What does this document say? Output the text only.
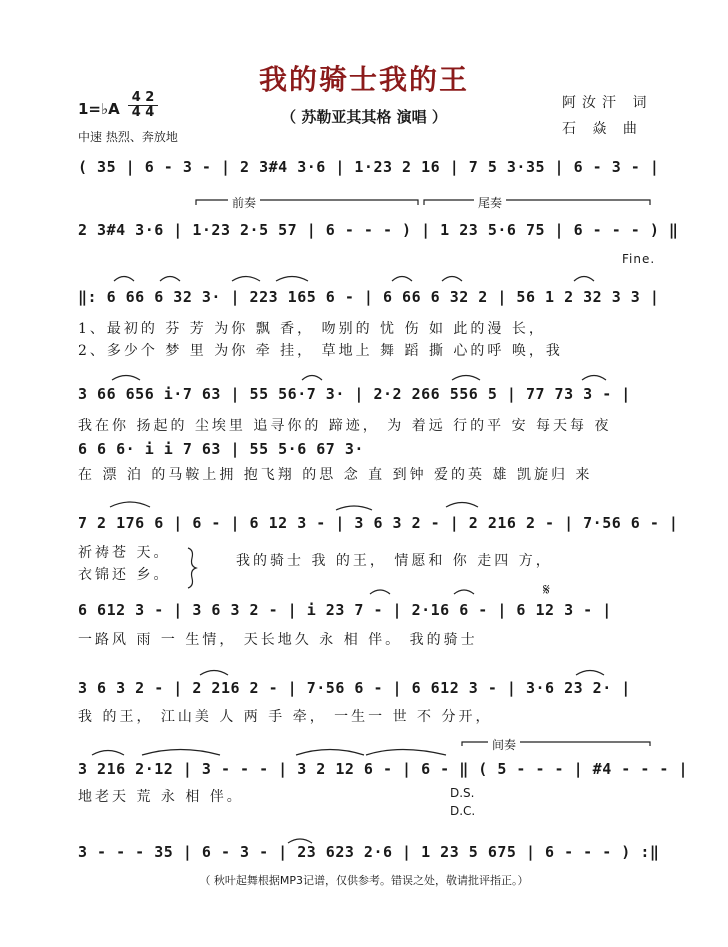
我的骑士我的王
（ 苏勒亚其其格 演唱 ）
1=♭A
4 2
4 4
中速 热烈、奔放地
阿汝汗 词
石 焱 曲
( 35 | 6 - 3 - | 2 3#4 3·6 | 1·23 2 16 | 7 5 3·35 | 6 - 3 - |
前奏	尾奏
2 3#4 3·6 | 1·23 2·5 57 | 6 - - - ) | 1 23 5·6 75 | 6 - - - ) ‖
Fine.
‖: 6 66 6 32 3· | 223 165 6 - | 6 66 6 32 2 | 56 1 2 32 3 3 |
1、最初的 芬 芳 为你 飘 香， 吻别的 忧 伤 如 此的漫 长，
2、多少个 梦 里 为你 牵 挂， 草地上 舞 蹈 撕 心的呼 唤，我
3 66 656 i·7 63 | 55 56·7 3· | 2·2 266 556 5 | 77 73 3 - |
我在你 扬起的 尘埃里 追寻你的 蹄迹， 为 着远 行的平 安 每天每 夜
6 6 6· i i 7 63 | 55 5·6 67 3·
在 漂 泊 的马鞍上拥 抱飞翔 的思 念 直 到钟 爱的英 雄 凯旋归 来
7 2 176 6 | 6 - | 6 12 3 - | 3 6 3 2 - | 2 216 2 - | 7·56 6 - |
祈祷苍 天。
衣锦还 乡。
我的骑士 我 的王， 情愿和 你 走四 方，
𝄋
6 612 3 - | 3 6 3 2 - | i 23 7 - | 2·16 6 - | 6 12 3 - |
一路风 雨 一 生情， 天长地久 永 相 伴。 我的骑士
3 6 3 2 - | 2 216 2 - | 7·56 6 - | 6 612 3 - | 3·6 23 2· |
我 的王， 江山美 人 两 手 牵， 一生一 世 不 分开，
间奏
3 216 2·12 | 3 - - - | 3 2 12 6 - | 6 - ‖ ( 5 - - - | #4 - - - |
地老天 荒 永 相 伴。	D.S.
D.C.
3 - - - 35 | 6 - 3 - | 23 623 2·6 | 1 23 5 675 | 6 - - - ) :‖
（ 秋叶起舞根据MP3记谱，仅供参考。错误之处，敬请批评指正。）
